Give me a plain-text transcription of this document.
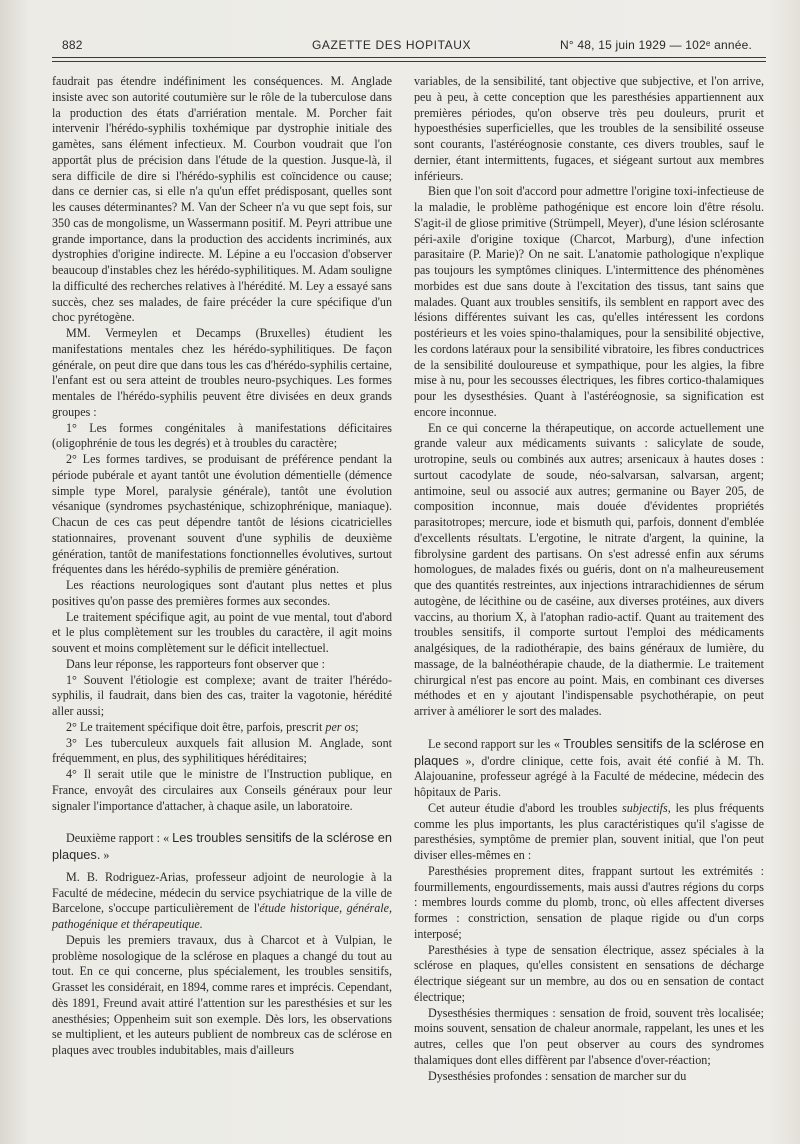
882	GAZETTE DES HOPITAUX	N° 48, 15 juin 1929 — 102ᵉ année.

faudrait pas étendre indéfiniment les conséquences. M. Anglade insiste avec son autorité coutumière sur le rôle de la tuberculose dans la production des états d'arriération mentale. M. Porcher fait intervenir l'hérédo-syphilis toxhémique par dystrophie initiale des gamètes, sans élément infectieux. M. Courbon voudrait que l'on apportât plus de précision dans l'étude de la question. Jusque-là, il sera difficile de dire si l'hérédo-syphilis est coïncidence ou cause; dans ce dernier cas, si elle n'a qu'un effet prédisposant, quelles sont les causes déterminantes? M. Van der Scheer n'a vu que sept fois, sur 350 cas de mongolisme, un Wassermann positif. M. Peyri attribue une grande importance, dans la production des accidents incriminés, aux dystrophies d'origine indirecte. M. Lépine a eu l'occasion d'observer beaucoup d'instables chez les hérédo-syphilitiques. M. Adam souligne la difficulté des recherches relatives à l'hérédité. M. Ley a essayé sans succès, chez ses malades, de faire précéder la cure spécifique d'un choc pyrétogène.

MM. Vermeylen et Decamps (Bruxelles) étudient les manifestations mentales chez les hérédo-syphilitiques. De façon générale, on peut dire que dans tous les cas d'hérédo-syphilis certaine, l'enfant est ou sera atteint de troubles neuro-psychiques. Les formes mentales de l'hérédo-syphilis peuvent être divisées en deux grands groupes :

1° Les formes congénitales à manifestations déficitaires (oligophrénie de tous les degrés) et à troubles du caractère;

2° Les formes tardives, se produisant de préférence pendant la période pubérale et ayant tantôt une évolution démentielle (démence simple type Morel, paralysie générale), tantôt une évolution vésanique (syndromes psychasténique, schizophrénique, maniaque). Chacun de ces cas peut dépendre tantôt de lésions cicatricielles stationnaires, provenant souvent d'une syphilis de deuxième génération, tantôt de manifestations fonctionnelles évolutives, surtout fréquentes dans les hérédo-syphilis de première génération.

Les réactions neurologiques sont d'autant plus nettes et plus positives qu'on passe des premières formes aux secondes.

Le traitement spécifique agit, au point de vue mental, tout d'abord et le plus complètement sur les troubles du caractère, il agit moins souvent et moins complètement sur le déficit intellectuel.

Dans leur réponse, les rapporteurs font observer que :

1° Souvent l'étiologie est complexe; avant de traiter l'hérédo-syphilis, il faudrait, dans bien des cas, traiter la vagotonie, hérédité aller aussi;

2° Le traitement spécifique doit être, parfois, prescrit per os;

3° Les tuberculeux auxquels fait allusion M. Anglade, sont fréquemment, en plus, des syphilitiques héréditaires;

4° Il serait utile que le ministre de l'Instruction publique, en France, envoyât des circulaires aux Conseils généraux pour leur signaler l'importance d'attacher, à chaque asile, un laboratoire.

Deuxième rapport : « Les troubles sensitifs de la sclérose en plaques. »

M. B. Rodriguez-Arias, professeur adjoint de neurologie à la Faculté de médecine, médecin du service psychiatrique de la ville de Barcelone, s'occupe particulièrement de l'étude historique, générale, pathogénique et thérapeutique.

Depuis les premiers travaux, dus à Charcot et à Vulpian, le problème nosologique de la sclérose en plaques a changé du tout au tout. En ce qui concerne, plus spécialement, les troubles sensitifs, Grasset les considérait, en 1894, comme rares et imprécis. Cependant, dès 1891, Freund avait attiré l'attention sur les paresthésies et sur les anesthésies; Oppenheim suit son exemple. Dès lors, les observations se multiplient, et les auteurs publient de nombreux cas de sclérose en plaques avec troubles indubitables, mais d'ailleurs

variables, de la sensibilité, tant objective que subjective, et l'on arrive, peu à peu, à cette conception que les paresthésies appartiennent aux premières périodes, qu'on observe très peu douleurs, prurit et hypoesthésies superficielles, que les troubles de la sensibilité osseuse sont courants, l'astéréognosie constante, ces divers troubles, sauf le dernier, étant intermittents, fugaces, et siégeant surtout aux membres inférieurs.

Bien que l'on soit d'accord pour admettre l'origine toxi-infectieuse de la maladie, le problème pathogénique est encore loin d'être résolu. S'agit-il de gliose primitive (Strümpell, Meyer), d'une lésion sclérosante péri-axile d'origine toxique (Charcot, Marburg), d'une infection parasitaire (P. Marie)? On ne sait. L'anatomie pathologique n'explique pas toujours les symptômes cliniques. L'intermittence des phénomènes morbides est due sans doute à l'excitation des tissus, tant sains que malades. Quant aux troubles sensitifs, ils semblent en rapport avec des lésions différentes suivant les cas, qu'elles intéressent les cordons postérieurs et les voies spino-thalamiques, pour la sensibilité objective, les cordons latéraux pour la sensibilité vibratoire, les fibres conductrices de la sensibilité douloureuse et sympathique, pour les algies, la fibre mise à nu, pour les secousses électriques, les fibres cortico-thalamiques pour les dysesthésies. Quant à l'astéréognosie, sa signification est encore inconnue.

En ce qui concerne la thérapeutique, on accorde actuellement une grande valeur aux médicaments suivants : salicylate de soude, urotropine, seuls ou combinés aux autres; arsenicaux à hautes doses : surtout cacodylate de soude, néo-salvarsan, salvarsan, argent; antimoine, seul ou associé aux autres; germanine ou Bayer 205, de composition inconnue, mais douée d'évidentes propriétés parasitotropes; mercure, iode et bismuth qui, parfois, donnent d'emblée d'excellents résultats. L'ergotine, le nitrate d'argent, la quinine, la fibrolysine gardent des partisans. On s'est adressé enfin aux sérums homologues, de malades fixés ou guéris, dont on n'a malheureusement que des quantités restreintes, aux injections intrarachidiennes de sérum autogène, de lécithine ou de caséine, aux diverses protéines, aux divers vaccins, au thorium X, à l'atophan radio-actif. Quant au traitement des troubles sensitifs, il comporte surtout l'emploi des médicaments analgésiques, de la radiothérapie, des bains généraux de lumière, du massage, de la balnéothérapie chaude, de la diathermie. Le traitement chirurgical n'est pas encore au point. Mais, en combinant ces diverses méthodes et en y ajoutant l'indispensable psychothérapie, on peut arriver à améliorer le sort des malades.

Le second rapport sur les « Troubles sensitifs de la sclérose en plaques », d'ordre clinique, cette fois, avait été confié à M. Th. Alajouanine, professeur agrégé à la Faculté de médecine, médecin des hôpitaux de Paris.

Cet auteur étudie d'abord les troubles subjectifs, les plus fréquents comme les plus importants, les plus caractéristiques qu'il s'agisse de paresthésies, symptôme de premier plan, souvent initial, que l'on peut diviser elles-mêmes en :

Paresthésies proprement dites, frappant surtout les extrémités : fourmillements, engourdissements, mais aussi d'autres régions du corps : membres lourds comme du plomb, tronc, où elles affectent diverses formes : constriction, sensation de plaque rigide ou d'un corps interposé;

Paresthésies à type de sensation électrique, assez spéciales à la sclérose en plaques, qu'elles consistent en sensations de décharge électrique siégeant sur un membre, au dos ou en sensation de contact électrique;

Dysesthésies thermiques : sensation de froid, souvent très localisée; moins souvent, sensation de chaleur anormale, rappelant, les unes et les autres, celles que l'on peut observer au cours des syndromes thalamiques dont elles diffèrent par l'absence d'over-réaction;

Dysesthésies profondes : sensation de marcher sur du
